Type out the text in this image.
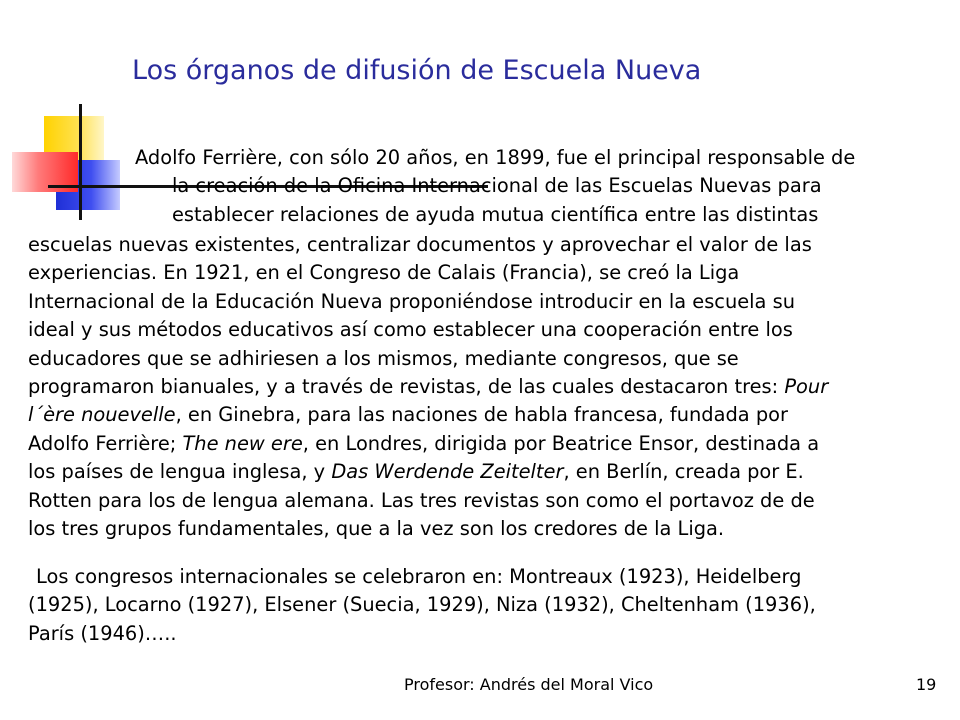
Los órganos de difusión de Escuela Nueva
Adolfo Ferrière, con sólo 20 años, en 1899, fue el principal responsable de
la creación de la Oficina Internacional de las Escuelas Nuevas para
establecer relaciones de ayuda mutua científica entre las distintas
escuelas nuevas existentes, centralizar documentos y aprovechar el valor de las
experiencias. En 1921, en el Congreso de Calais (Francia), se creó la Liga
Internacional de la Educación Nueva proponiéndose introducir en la escuela su
ideal y sus métodos educativos así como establecer una cooperación entre los
educadores que se adhiriesen a los mismos, mediante congresos, que se
programaron bianuales, y a través de revistas, de las cuales destacaron tres: Pour
l´ère nouevelle, en Ginebra, para las naciones de habla francesa, fundada por
Adolfo Ferrière; The new ere, en Londres, dirigida por Beatrice Ensor, destinada a
los países de lengua inglesa, y Das Werdende Zeitelter, en Berlín, creada por E.
Rotten para los de lengua alemana. Las tres revistas son como el portavoz de de
los tres grupos fundamentales, que a la vez son los credores de la Liga.
Los congresos internacionales se celebraron en: Montreaux (1923), Heidelberg
(1925), Locarno (1927), Elsener (Suecia, 1929), Niza (1932), Cheltenham (1936),
París (1946)…..
Profesor: Andrés del Moral Vico	19
